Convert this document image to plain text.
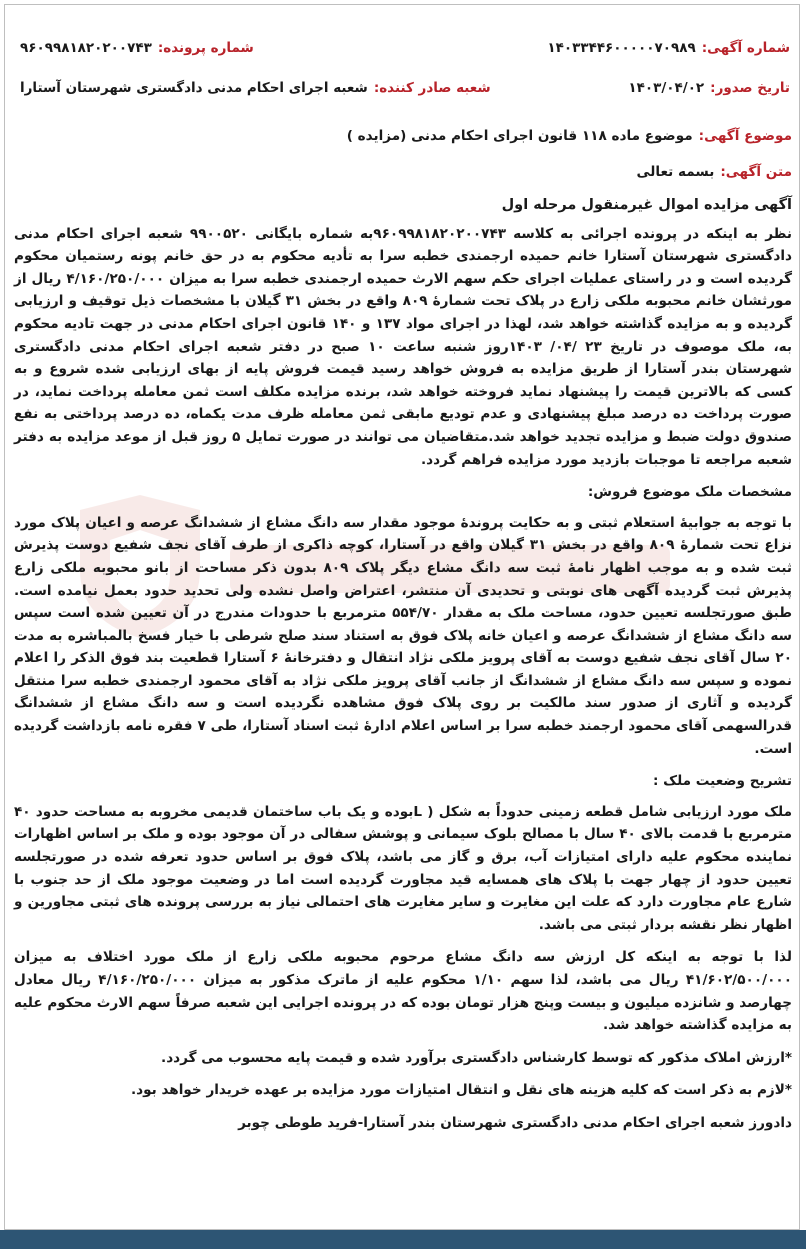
شماره آگهی:
۱۴۰۳۳۴۴۶۰۰۰۰۰۷۰۹۸۹
شماره پرونده:
۹۶۰۹۹۸۱۸۲۰۲۰۰۷۴۳
تاریخ صدور:
۱۴۰۳/۰۴/۰۲
شعبه صادر کننده:
شعبه اجرای احکام مدنی دادگستری شهرستان آستارا
موضوع آگهی:
موضوع ماده ۱۱۸ قانون اجرای احکام مدنی (مزایده )
متن آگهی:
بسمه تعالی

آگهی مزایده اموال غیرمنقول مرحله اول

نظر به اینکه در پرونده اجرائی به کلاسه ۹۶۰۹۹۸۱۸۲۰۲۰۰۷۴۳به شماره بایگانی ۹۹۰۰۵۲۰ شعبه اجرای احکام مدنی دادگستری شهرستان آستارا خانم حمیده ارجمندی خطبه سرا به تأدیه محکوم به در حق خانم پونه رستمیان محکوم گردیده است و در راستای عملیات اجرای حکم سهم الارث حمیده ارجمندی خطبه سرا به میزان ۴/۱۶۰/۲۵۰/۰۰۰ ریال از مورثشان خانم محبوبه ملکی زارع در پلاک تحت شمارهٔ ۸۰۹ واقع در بخش ۳۱ گیلان با مشخصات ذیل توقیف و ارزیابی گردیده و به مزایده گذاشته خواهد شد، لهذا در اجرای مواد ۱۳۷ و ۱۴۰ قانون اجرای احکام مدنی در جهت تادیه محکوم به، ملک موصوف در تاریخ ۲۳ /۰۴/ ۱۴۰۳روز شنبه ساعت ۱۰ صبح در دفتر شعبه اجرای احکام مدنی دادگستری شهرستان بندر آستارا از طریق مزایده به فروش خواهد رسید قیمت فروش پایه از بهای ارزیابی شده شروع و به کسی که بالاترین قیمت را پیشنهاد نماید فروخته خواهد شد، برنده مزایده مکلف است ثمن معامله پرداخت نماید، در صورت پرداخت ده درصد مبلغ پیشنهادی و عدم توديع مابقی ثمن معامله ظرف مدت یکماه، ده درصد پرداختی به نفع صندوق دولت ضبط و مزایده تجدید خواهد شد.متقاضیان می توانند در صورت تمایل ۵ روز قبل از موعد مزایده به دفتر شعبه مراجعه تا موجبات بازدید مورد مزایده فراهم گردد.

مشخصات ملک موضوع فروش:

با توجه به جوابیهٔ استعلام ثبتی و به حکایت پروندهٔ موجود مقدار سه دانگ مشاع از ششدانگ عرصه و اعیان پلاک مورد نزاع تحت شمارهٔ ۸۰۹ واقع در بخش ۳۱ گیلان واقع در آستارا، کوچه ذاکری از طرف آقای نجف شفیع دوست پذیرش ثبت شده و به موجب اظهار نامهٔ ثبت سه دانگ مشاع دیگر پلاک ۸۰۹ بدون ذکر مساحت از بانو محبوبه ملکی زارع پذیرش ثبت گردیده آگهی های نوبتی و تحدیدی آن منتشر، اعتراض واصل نشده ولی تحدید حدود بعمل نیامده است. طبق صورتجلسه تعیین حدود، مساحت ملک به مقدار ۵۵۴/۷۰ مترمربع با حدودات مندرج در آن تعیین شده است سپس سه دانگ مشاع از ششدانگ عرصه و اعیان خانه پلاک فوق به استناد سند صلح شرطی با خیار فسخ بالمباشره به مدت ۲۰ سال آقای نجف شفیع دوست به آقای پرویز ملکی نژاد انتقال و دفترخانهٔ ۶ آستارا قطعیت بند فوق الذکر را اعلام نموده و سپس سه دانگ مشاع از ششدانگ از جانب آقای پرویز ملکی نژاد به آقای محمود ارجمندی خطبه سرا منتقل گردیده و آثاری از صدور سند مالکیت بر روی پلاک فوق مشاهده نگردیده است و سه دانگ مشاع از ششدانگ قدرالسهمی آقای محمود ارجمند خطبه سرا بر اساس اعلام ادارهٔ ثبت اسناد آستارا، طی ۷ فقره نامه بازداشت گردیده است.

تشریح وضعیت ملک :

ملک مورد ارزیابی شامل قطعه زمینی حدوداً به شکل ( Lبوده و یک باب ساختمان قدیمی مخروبه به مساحت حدود ۴۰ مترمربع با قدمت بالای ۴۰ سال با مصالح بلوک سیمانی و پوشش سفالی در آن موجود بوده و ملک بر اساس اظهارات نماینده محکوم علیه دارای امتیازات آب، برق و گاز می باشد، پلاک فوق بر اساس حدود تعرفه شده در صورتجلسه تعیین حدود از چهار جهت با پلاک های همسایه قید مجاورت گردیده است اما در وضعیت موجود ملک از حد جنوب با شارع عام مجاورت دارد که علت این مغایرت و سایر مغایرت های احتمالی نیاز به بررسی پرونده های ثبتی مجاورین و اظهار نظر نقشه بردار ثبتی می باشد.

لذا با توجه به اینکه کل ارزش سه دانگ مشاع مرحوم محبوبه ملکی زارع از ملک مورد اختلاف به میزان ۴۱/۶۰۲/۵۰۰/۰۰۰ ریال می باشد، لذا سهم ۱/۱۰ محکوم علیه از ماترک مذکور به میزان ۴/۱۶۰/۲۵۰/۰۰۰ ریال معادل چهارصد و شانزده میلیون و بیست وپنج هزار تومان بوده که در پرونده اجرایی این شعبه صرفاً سهم الارث محکوم علیه به مزایده گذاشته خواهد شد.

*ارزش املاک مذکور که توسط کارشناس دادگستری برآورد شده و قیمت پایه محسوب می گردد.

*لازم به ذکر است که کلیه هزینه های نقل و انتقال امتیازات مورد مزایده بر عهده خریدار خواهد بود.

دادورز شعبه اجرای احکام مدنی دادگستری شهرستان بندر آستارا-فرید طوطی چوبر
